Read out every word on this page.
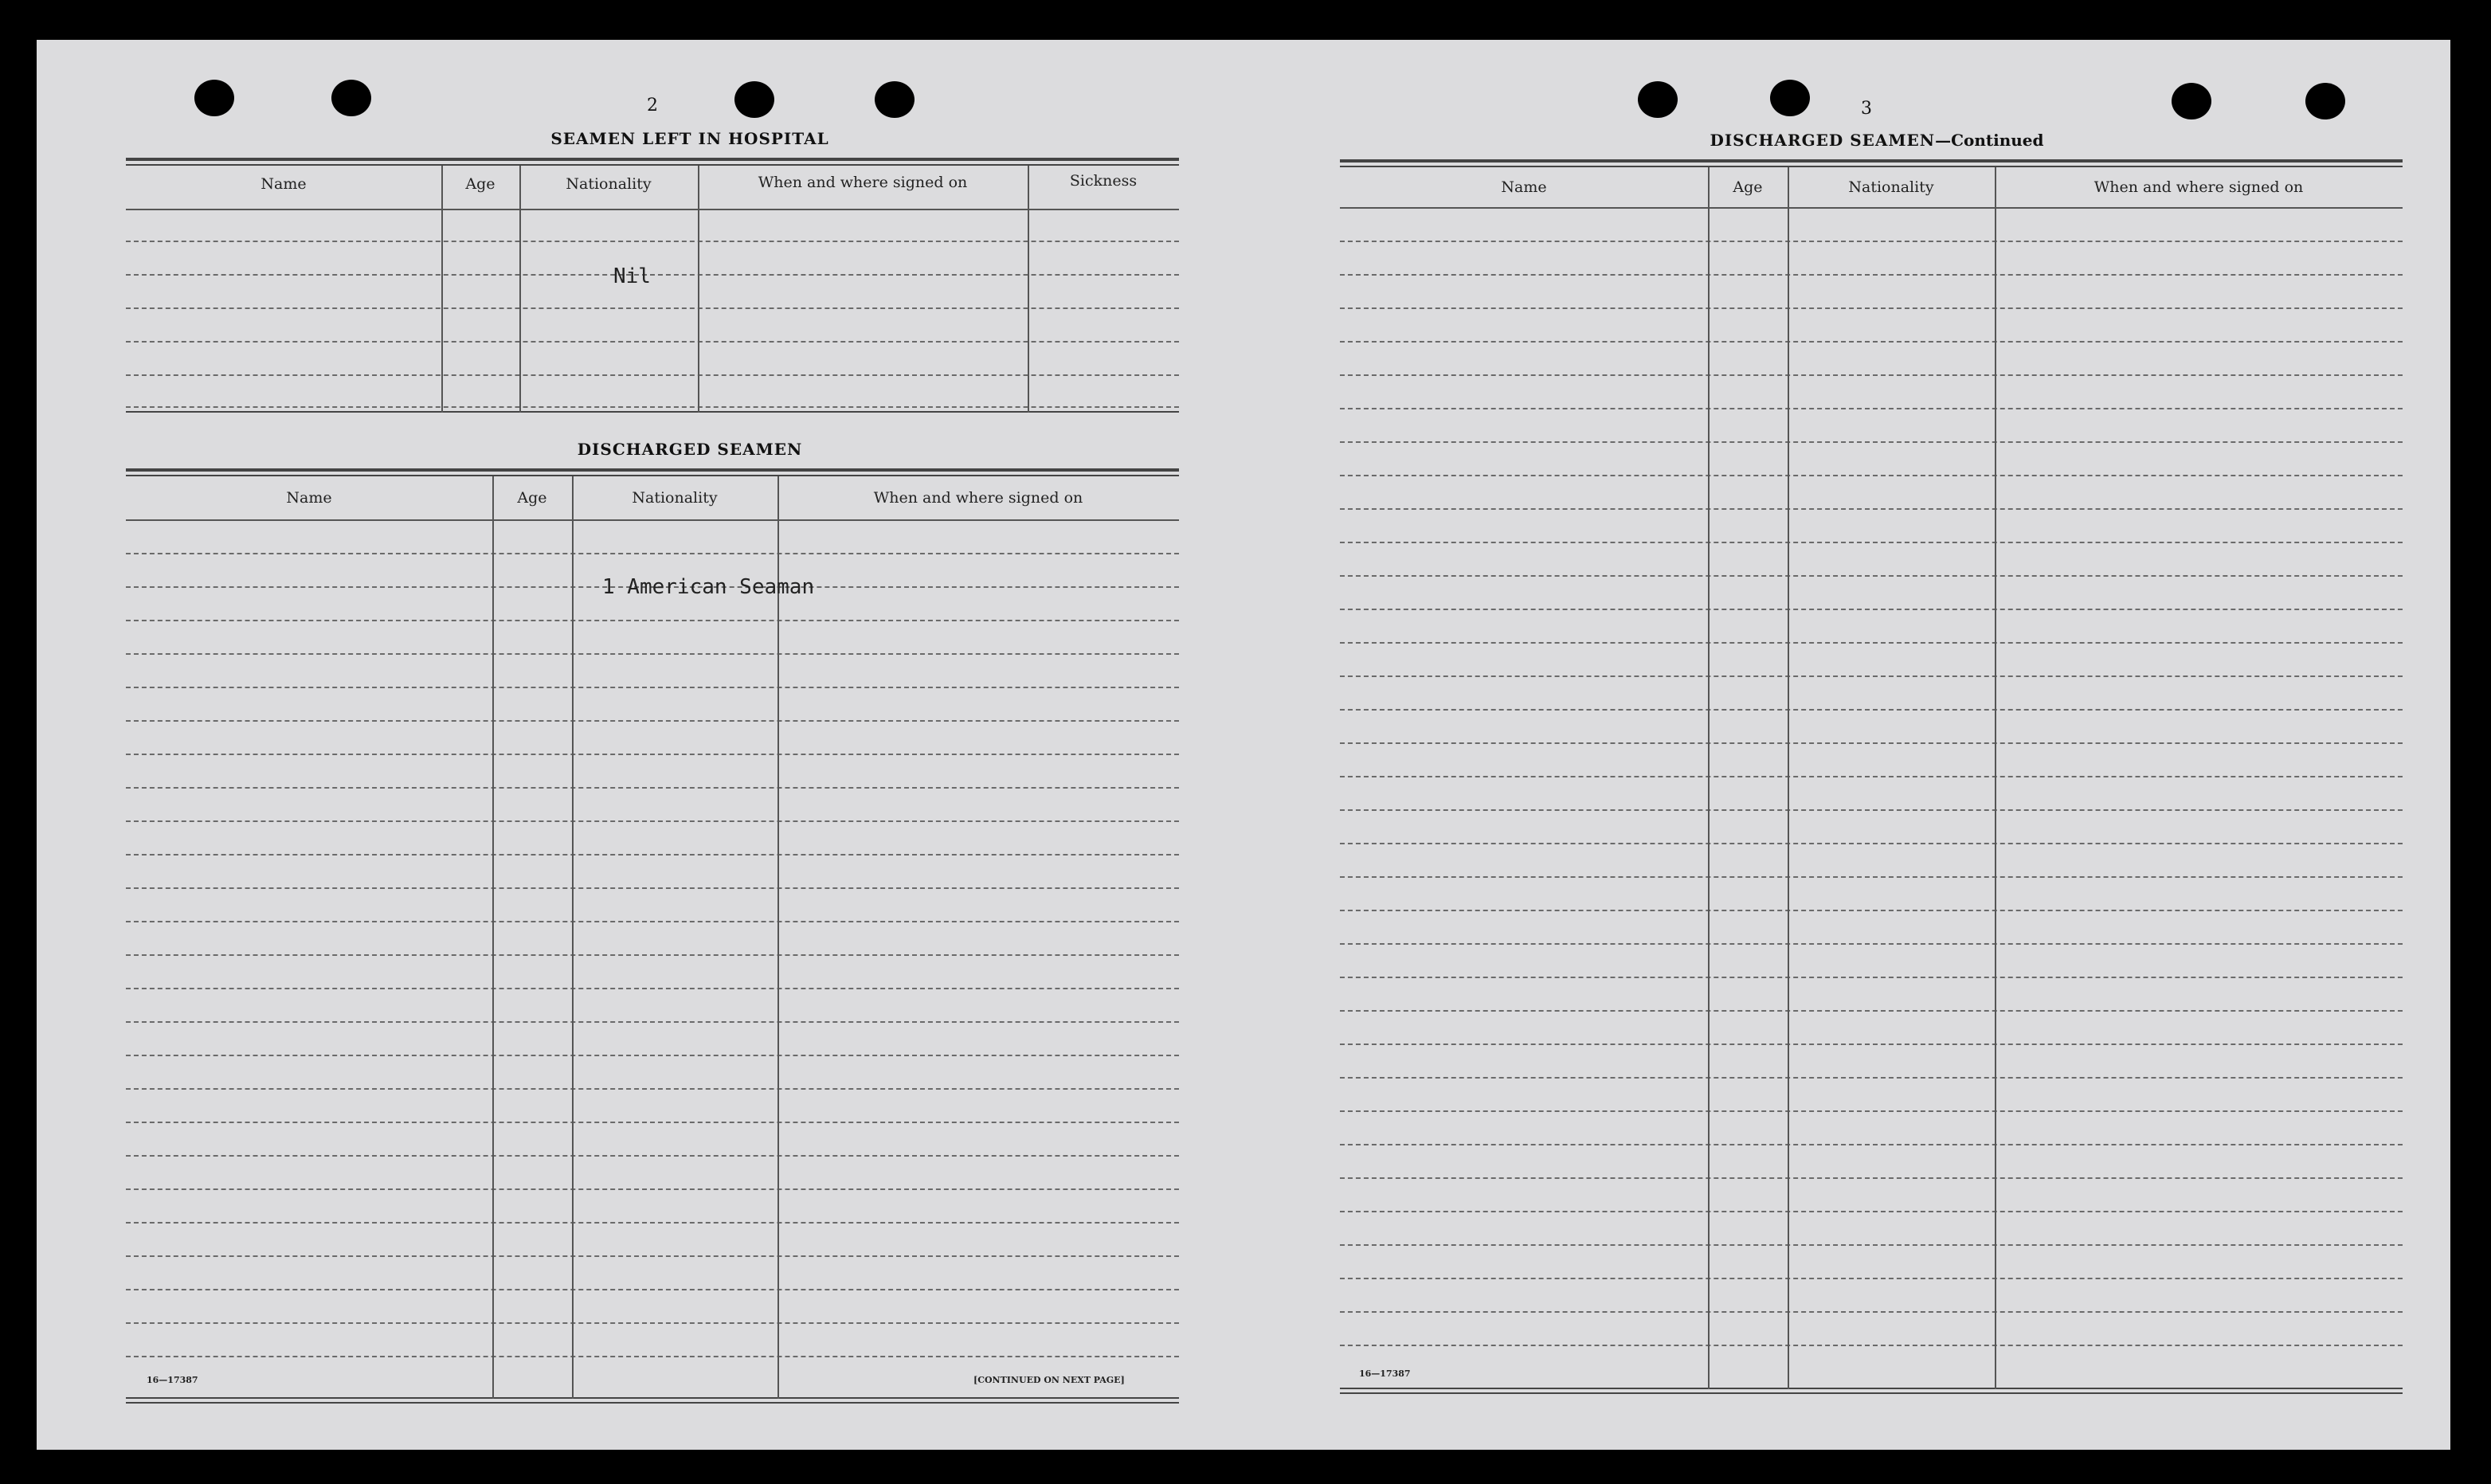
2
SEAMEN LEFT IN HOSPITAL
Name	Age	Nationality	When and where signed on	Sickness
Nil
DISCHARGED SEAMEN
Name	Age	Nationality	When and where signed on
1 American Seaman
16—17387	[CONTINUED ON NEXT PAGE]
3
DISCHARGED SEAMEN—Continued
Name	Age	Nationality	When and where signed on
16—17387
